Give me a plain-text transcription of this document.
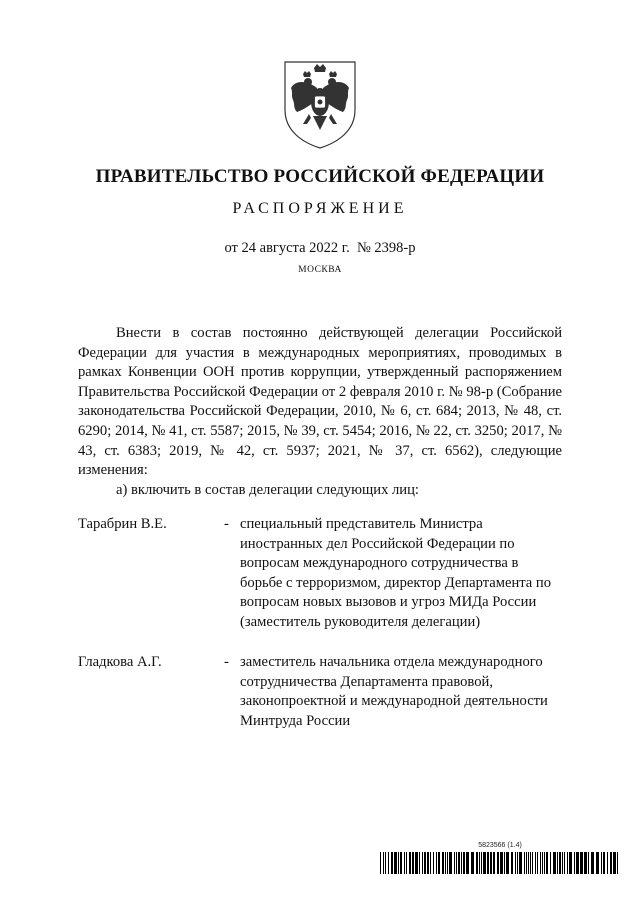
ПРАВИТЕЛЬСТВО РОССИЙСКОЙ ФЕДЕРАЦИИ
РАСПОРЯЖЕНИЕ
от 24 августа 2022 г. № 2398-р
МОСКВА

Внести в состав постоянно действующей делегации Российской Федерации для участия в международных мероприятиях, проводимых в рамках Конвенции ООН против коррупции, утвержденный распоряжением Правительства Российской Федерации от 2 февраля 2010 г. № 98-р (Собрание законодательства Российской Федерации, 2010, № 6, ст. 684; 2013, № 48, ст. 6290; 2014, № 41, ст. 5587; 2015, № 39, ст. 5454; 2016, № 22, ст. 3250; 2017, № 43, ст. 6383; 2019, № 42, ст. 5937; 2021, № 37, ст. 6562), следующие изменения:

а) включить в состав делегации следующих лиц:

Тарабрин В.Е.	- специальный представитель Министра иностранных дел Российской Федерации по вопросам международного сотрудничества в борьбе с терроризмом, директор Департамента по вопросам новых вызовов и угроз МИДа России (заместитель руководителя делегации)
Гладкова А.Г.	- заместитель начальника отдела международного сотрудничества Департамента правовой, законопроектной и международной деятельности Минтруда России
5823566 (1.4)
